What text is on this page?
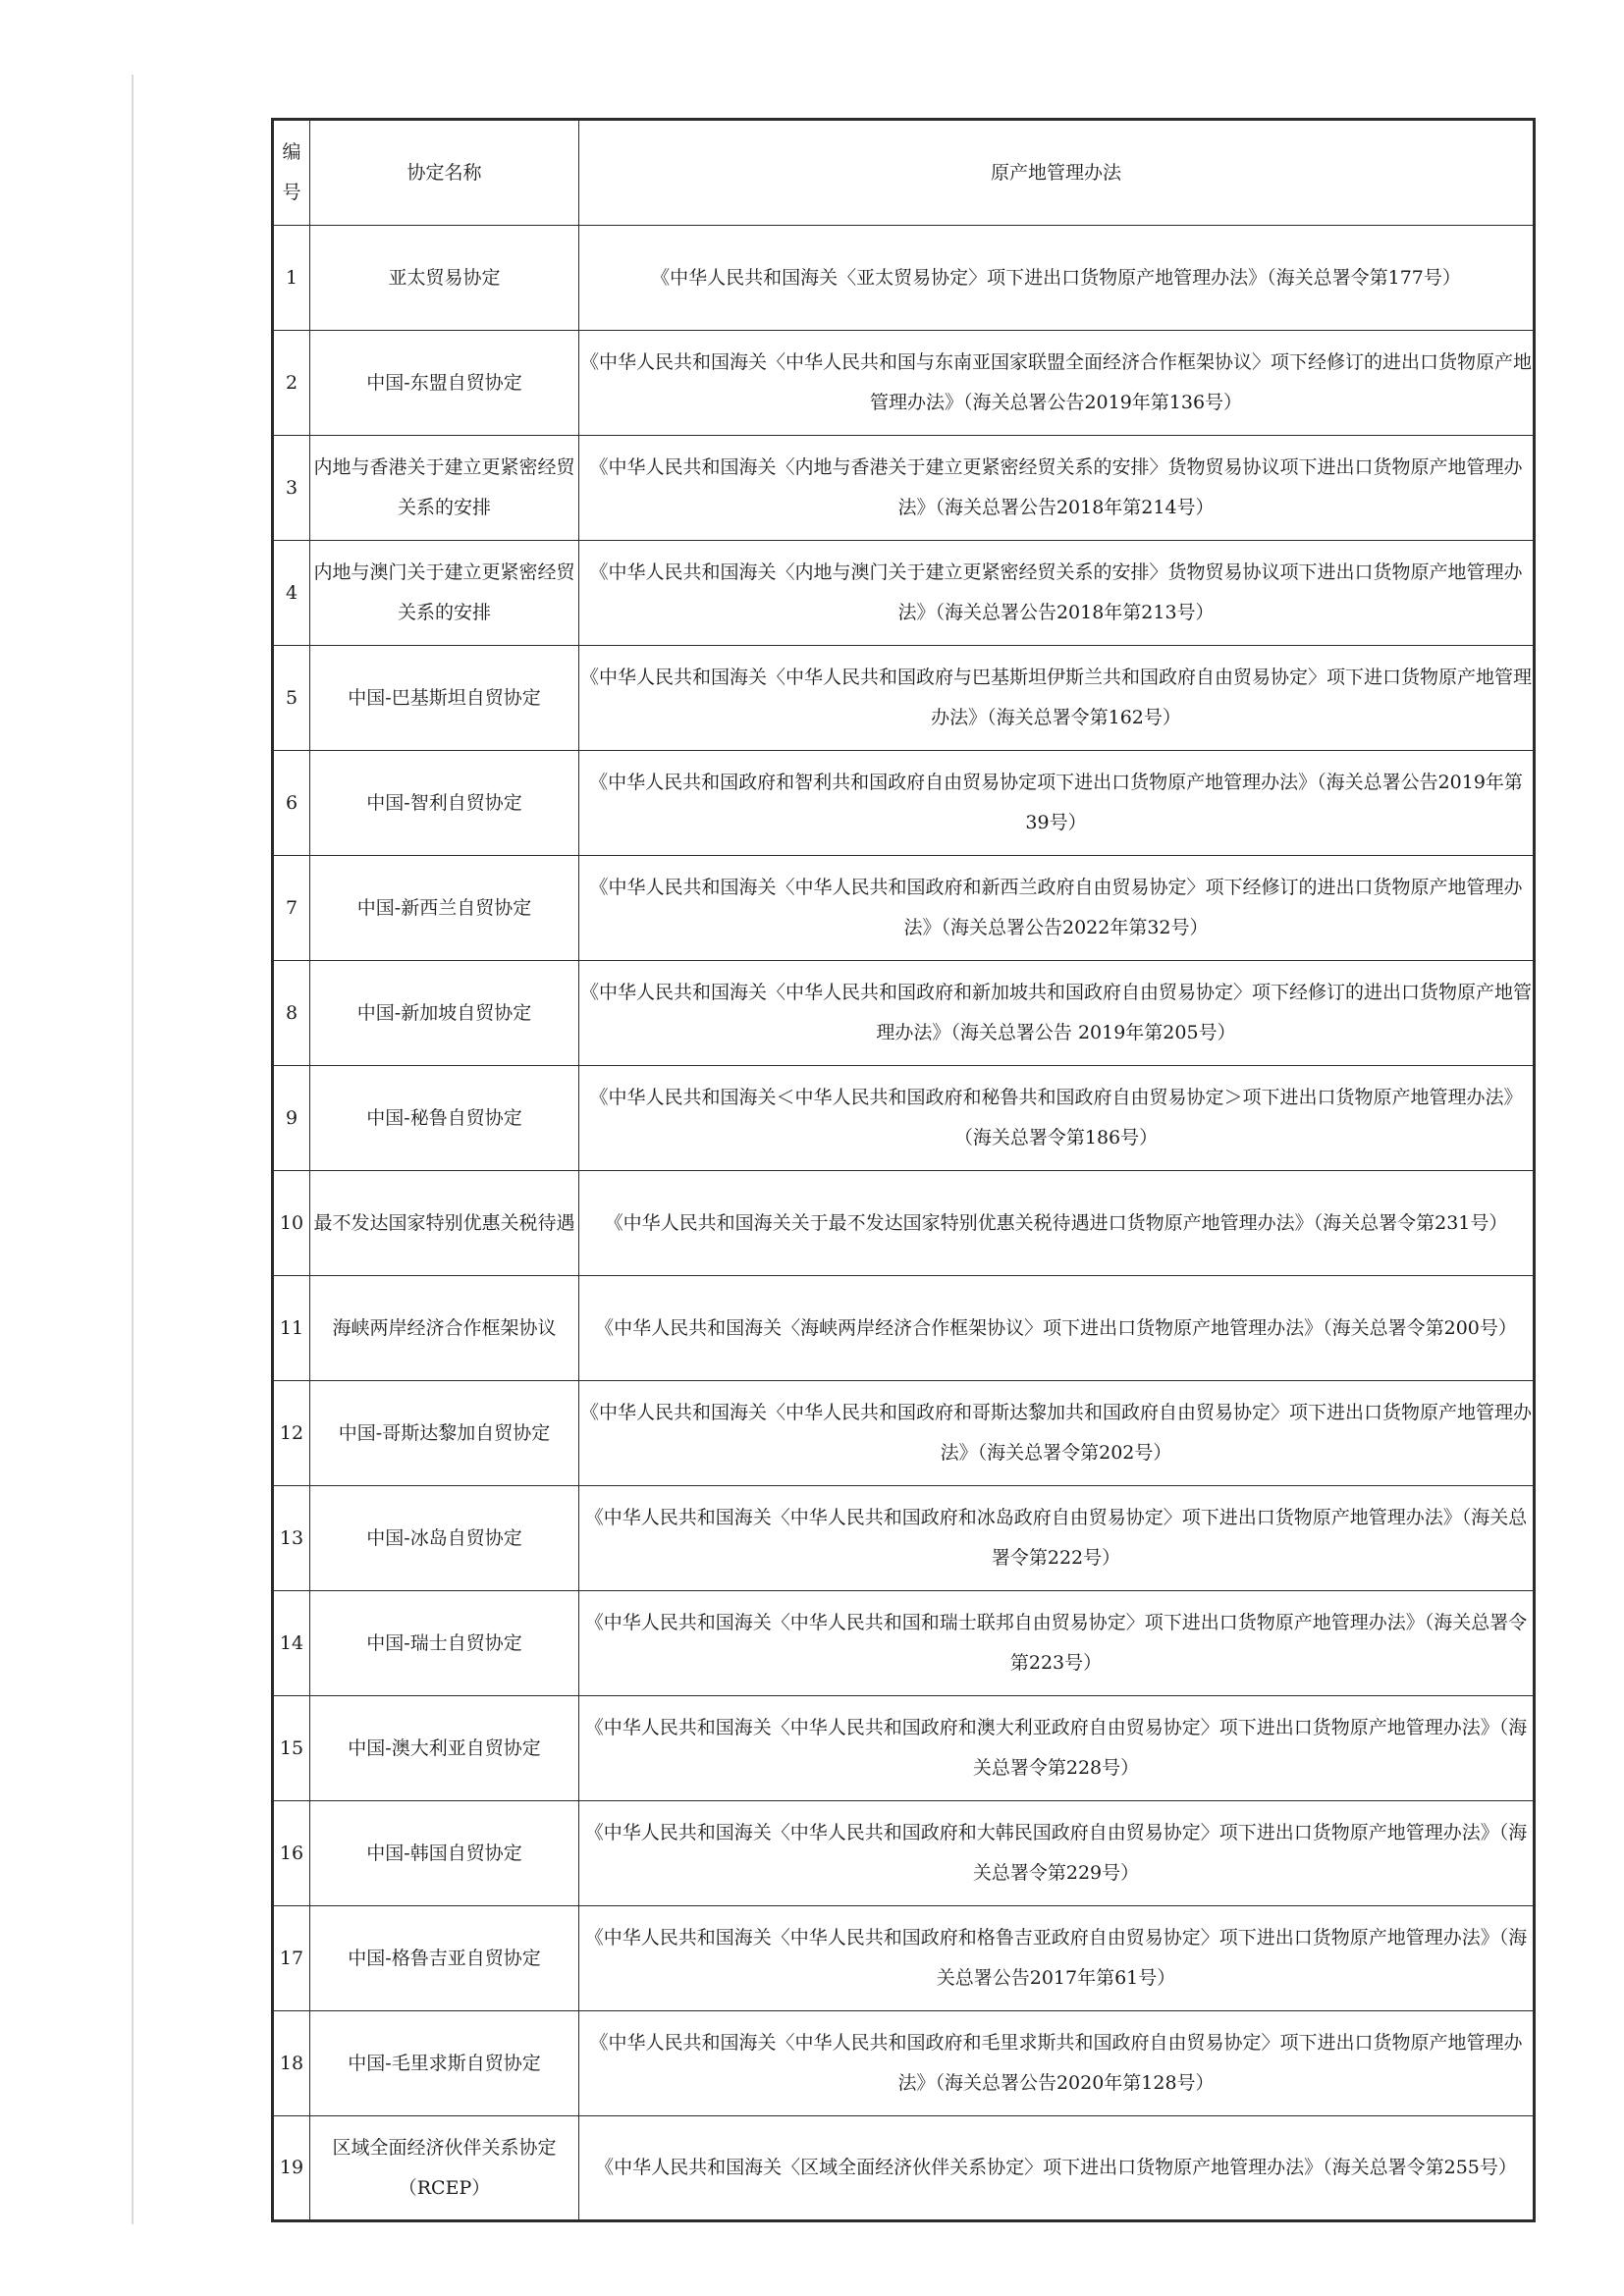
编号	协定名称	原产地管理办法
1	亚太贸易协定	《中华人民共和国海关〈亚太贸易协定〉项下进出口货物原产地管理办法》（海关总署令第177号）
2	中国-东盟自贸协定	《中华人民共和国海关〈中华人民共和国与东南亚国家联盟全面经济合作框架协议〉项下经修订的进出口货物原产地管理办法》（海关总署公告2019年第136号）
3	内地与香港关于建立更紧密经贸关系的安排	《中华人民共和国海关〈内地与香港关于建立更紧密经贸关系的安排〉货物贸易协议项下进出口货物原产地管理办法》（海关总署公告2018年第214号）
4	内地与澳门关于建立更紧密经贸关系的安排	《中华人民共和国海关〈内地与澳门关于建立更紧密经贸关系的安排〉货物贸易协议项下进出口货物原产地管理办法》（海关总署公告2018年第213号）
5	中国-巴基斯坦自贸协定	《中华人民共和国海关〈中华人民共和国政府与巴基斯坦伊斯兰共和国政府自由贸易协定〉项下进口货物原产地管理办法》（海关总署令第162号）
6	中国-智利自贸协定	《中华人民共和国政府和智利共和国政府自由贸易协定项下进出口货物原产地管理办法》（海关总署公告2019年第39号）
7	中国-新西兰自贸协定	《中华人民共和国海关〈中华人民共和国政府和新西兰政府自由贸易协定〉项下经修订的进出口货物原产地管理办法》（海关总署公告2022年第32号）
8	中国-新加坡自贸协定	《中华人民共和国海关〈中华人民共和国政府和新加坡共和国政府自由贸易协定〉项下经修订的进出口货物原产地管理办法》（海关总署公告 2019年第205号）
9	中国-秘鲁自贸协定	《中华人民共和国海关＜中华人民共和国政府和秘鲁共和国政府自由贸易协定＞项下进出口货物原产地管理办法》（海关总署令第186号）
10	最不发达国家特别优惠关税待遇	《中华人民共和国海关关于最不发达国家特别优惠关税待遇进口货物原产地管理办法》（海关总署令第231号）
11	海峡两岸经济合作框架协议	《中华人民共和国海关〈海峡两岸经济合作框架协议〉项下进出口货物原产地管理办法》（海关总署令第200号）
12	中国-哥斯达黎加自贸协定	《中华人民共和国海关〈中华人民共和国政府和哥斯达黎加共和国政府自由贸易协定〉项下进出口货物原产地管理办法》（海关总署令第202号）
13	中国-冰岛自贸协定	《中华人民共和国海关〈中华人民共和国政府和冰岛政府自由贸易协定〉项下进出口货物原产地管理办法》（海关总署令第222号）
14	中国-瑞士自贸协定	《中华人民共和国海关〈中华人民共和国和瑞士联邦自由贸易协定〉项下进出口货物原产地管理办法》（海关总署令第223号）
15	中国-澳大利亚自贸协定	《中华人民共和国海关〈中华人民共和国政府和澳大利亚政府自由贸易协定〉项下进出口货物原产地管理办法》（海关总署令第228号）
16	中国-韩国自贸协定	《中华人民共和国海关〈中华人民共和国政府和大韩民国政府自由贸易协定〉项下进出口货物原产地管理办法》（海关总署令第229号）
17	中国-格鲁吉亚自贸协定	《中华人民共和国海关〈中华人民共和国政府和格鲁吉亚政府自由贸易协定〉项下进出口货物原产地管理办法》（海关总署公告2017年第61号）
18	中国-毛里求斯自贸协定	《中华人民共和国海关〈中华人民共和国政府和毛里求斯共和国政府自由贸易协定〉项下进出口货物原产地管理办法》（海关总署公告2020年第128号）
19	区域全面经济伙伴关系协定（RCEP）	《中华人民共和国海关〈区域全面经济伙伴关系协定〉项下进出口货物原产地管理办法》（海关总署令第255号）
